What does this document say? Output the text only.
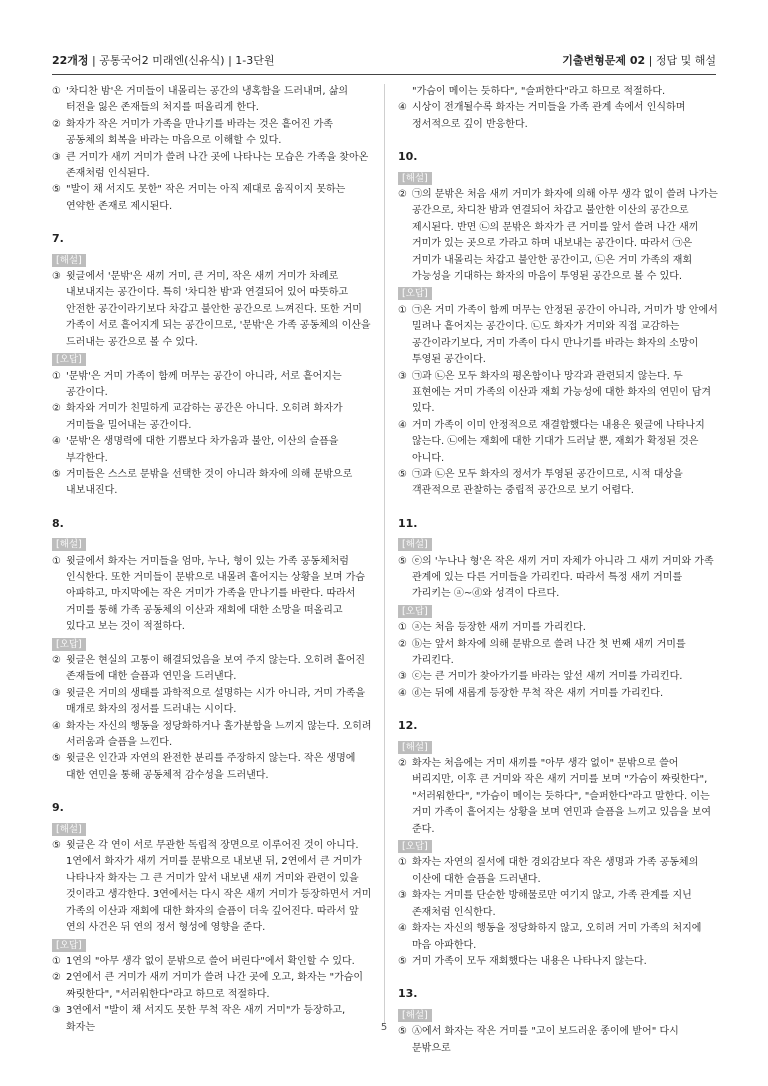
22개정 | 공통국어2 미래엔(신유식) | 1-3단원	기출변형문제 02 | 정답 및 해설
① '차디찬 밤'은 거미들이 내몰리는 공간의 냉혹함을 드러내며, 삶의 터전을 잃은 존재들의 처지를 떠올리게 한다.
② 화자가 작은 거미가 가족을 만나기를 바라는 것은 흩어진 가족 공동체의 회복을 바라는 마음으로 이해할 수 있다.
③ 큰 거미가 새끼 거미가 쓸려 나간 곳에 나타나는 모습은 가족을 찾아온 존재처럼 인식된다.
⑤ "발이 채 서지도 못한" 작은 거미는 아직 제대로 움직이지 못하는 연약한 존재로 제시된다.
7.
[해설]
③ 윗글에서 '문밖'은 새끼 거미, 큰 거미, 작은 새끼 거미가 차례로 내보내지는 공간이다. 특히 '차디찬 밤'과 연결되어 있어 따뜻하고 안전한 공간이라기보다 차갑고 불안한 공간으로 느껴진다. 또한 거미 가족이 서로 흩어지게 되는 공간이므로, '문밖'은 가족 공동체의 이산을 드러내는 공간으로 볼 수 있다.
[오답]
① '문밖'은 거미 가족이 함께 머무는 공간이 아니라, 서로 흩어지는 공간이다.
② 화자와 거미가 친밀하게 교감하는 공간은 아니다. 오히려 화자가 거미들을 밀어내는 공간이다.
④ '문밖'은 생명력에 대한 기쁨보다 차가움과 불안, 이산의 슬픔을 부각한다.
⑤ 거미들은 스스로 문밖을 선택한 것이 아니라 화자에 의해 문밖으로 내보내진다.
8.
[해설]
① 윗글에서 화자는 거미들을 엄마, 누나, 형이 있는 가족 공동체처럼 인식한다. 또한 거미들이 문밖으로 내몰려 흩어지는 상황을 보며 가슴 아파하고, 마지막에는 작은 거미가 가족을 만나기를 바란다. 따라서 거미를 통해 가족 공동체의 이산과 재회에 대한 소망을 떠올리고 있다고 보는 것이 적절하다.
[오답]
② 윗글은 현실의 고통이 해결되었음을 보여 주지 않는다. 오히려 흩어진 존재들에 대한 슬픔과 연민을 드러낸다.
③ 윗글은 거미의 생태를 과학적으로 설명하는 시가 아니라, 거미 가족을 매개로 화자의 정서를 드러내는 시이다.
④ 화자는 자신의 행동을 정당화하거나 홀가분함을 느끼지 않는다. 오히려 서러움과 슬픔을 느낀다.
⑤ 윗글은 인간과 자연의 완전한 분리를 주장하지 않는다. 작은 생명에 대한 연민을 통해 공동체적 감수성을 드러낸다.
9.
[해설]
⑤ 윗글은 각 연이 서로 무관한 독립적 장면으로 이루어진 것이 아니다. 1연에서 화자가 새끼 거미를 문밖으로 내보낸 뒤, 2연에서 큰 거미가 나타나자 화자는 그 큰 거미가 앞서 내보낸 새끼 거미와 관련이 있을 것이라고 생각한다. 3연에서는 다시 작은 새끼 거미가 등장하면서 거미 가족의 이산과 재회에 대한 화자의 슬픔이 더욱 깊어진다. 따라서 앞 연의 사건은 뒤 연의 정서 형성에 영향을 준다.
[오답]
① 1연의 "아무 생각 없이 문밖으로 쓸어 버린다"에서 확인할 수 있다.
② 2연에서 큰 거미가 새끼 거미가 쓸려 나간 곳에 오고, 화자는 "가슴이 짜릿한다", "서러워한다"라고 하므로 적절하다.
③ 3연에서 "발이 채 서지도 못한 무척 작은 새끼 거미"가 등장하고, 화자는
"가슴이 메이는 듯하다", "슬퍼한다"라고 하므로 적절하다.
④ 시상이 전개될수록 화자는 거미들을 가족 관계 속에서 인식하며 정서적으로 깊이 반응한다.
10.
[해설]
② ㉠의 문밖은 처음 새끼 거미가 화자에 의해 아무 생각 없이 쓸려 나가는 공간으로, 차디찬 밤과 연결되어 차갑고 불안한 이산의 공간으로 제시된다. 반면 ㉡의 문밖은 화자가 큰 거미를 앞서 쓸려 나간 새끼 거미가 있는 곳으로 가라고 하며 내보내는 공간이다. 따라서 ㉠은 거미가 내몰리는 차갑고 불안한 공간이고, ㉡은 거미 가족의 재회 가능성을 기대하는 화자의 마음이 투영된 공간으로 볼 수 있다.
[오답]
① ㉠은 거미 가족이 함께 머무는 안정된 공간이 아니라, 거미가 방 안에서 밀려나 흩어지는 공간이다. ㉡도 화자가 거미와 직접 교감하는 공간이라기보다, 거미 가족이 다시 만나기를 바라는 화자의 소망이 투영된 공간이다.
③ ㉠과 ㉡은 모두 화자의 평온함이나 망각과 관련되지 않는다. 두 표현에는 거미 가족의 이산과 재회 가능성에 대한 화자의 연민이 담겨 있다.
④ 거미 가족이 이미 안정적으로 재결합했다는 내용은 윗글에 나타나지 않는다. ㉡에는 재회에 대한 기대가 드러날 뿐, 재회가 확정된 것은 아니다.
⑤ ㉠과 ㉡은 모두 화자의 정서가 투영된 공간이므로, 시적 대상을 객관적으로 관찰하는 중립적 공간으로 보기 어렵다.
11.
[해설]
⑤ ⓔ의 '누나나 형'은 작은 새끼 거미 자체가 아니라 그 새끼 거미와 가족 관계에 있는 다른 거미들을 가리킨다. 따라서 특정 새끼 거미를 가리키는 ⓐ~ⓓ와 성격이 다르다.
[오답]
① ⓐ는 처음 등장한 새끼 거미를 가리킨다.
② ⓑ는 앞서 화자에 의해 문밖으로 쓸려 나간 첫 번째 새끼 거미를 가리킨다.
③ ⓒ는 큰 거미가 찾아가기를 바라는 앞선 새끼 거미를 가리킨다.
④ ⓓ는 뒤에 새롭게 등장한 무척 작은 새끼 거미를 가리킨다.
12.
[해설]
② 화자는 처음에는 거미 새끼를 "아무 생각 없이" 문밖으로 쓸어 버리지만, 이후 큰 거미와 작은 새끼 거미를 보며 "가슴이 짜릿한다", "서러워한다", "가슴이 메이는 듯하다", "슬퍼한다"라고 말한다. 이는 거미 가족이 흩어지는 상황을 보며 연민과 슬픔을 느끼고 있음을 보여 준다.
[오답]
① 화자는 자연의 질서에 대한 경외감보다 작은 생명과 가족 공동체의 이산에 대한 슬픔을 드러낸다.
③ 화자는 거미를 단순한 방해물로만 여기지 않고, 가족 관계를 지닌 존재처럼 인식한다.
④ 화자는 자신의 행동을 정당화하지 않고, 오히려 거미 가족의 처지에 마음 아파한다.
⑤ 거미 가족이 모두 재회했다는 내용은 나타나지 않는다.
13.
[해설]
⑤ Ⓐ에서 화자는 작은 거미를 "고이 보드러운 종이에 받어" 다시 문밖으로
5
